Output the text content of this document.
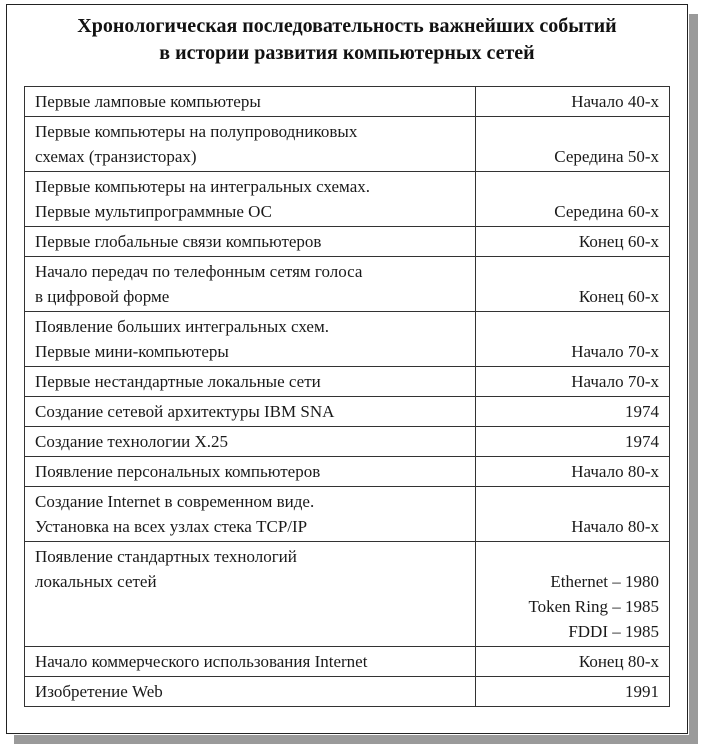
Хронологическая последовательность важнейших событий
в истории развития компьютерных сетей
Первые ламповые компьютеры	Начало 40-х

Первые компьютеры на полупроводниковых
схемах (транзисторах)	Середина 50-х

Первые компьютеры на интегральных схемах.
Первые мультипрограммные ОС	Середина 60-х

Первые глобальные связи компьютеров	Конец 60-х

Начало передач по телефонным сетям голоса
в цифровой форме	Конец 60-х

Появление больших интегральных схем.
Первые мини-компьютеры	Начало 70-х

Первые нестандартные локальные сети	Начало 70-х

Создание сетевой архитектуры IBM SNA	1974

Создание технологии X.25	1974

Появление персональных компьютеров	Начало 80-х

Создание Internet в современном виде.
Установка на всех узлах стека TCP/IP	Начало 80-х

Появление стандартных технологий
локальных сетей	Ethernet – 1980
Token Ring – 1985
FDDI – 1985

Начало коммерческого использования Internet	Конец 80-х

Изобретение Web	1991
